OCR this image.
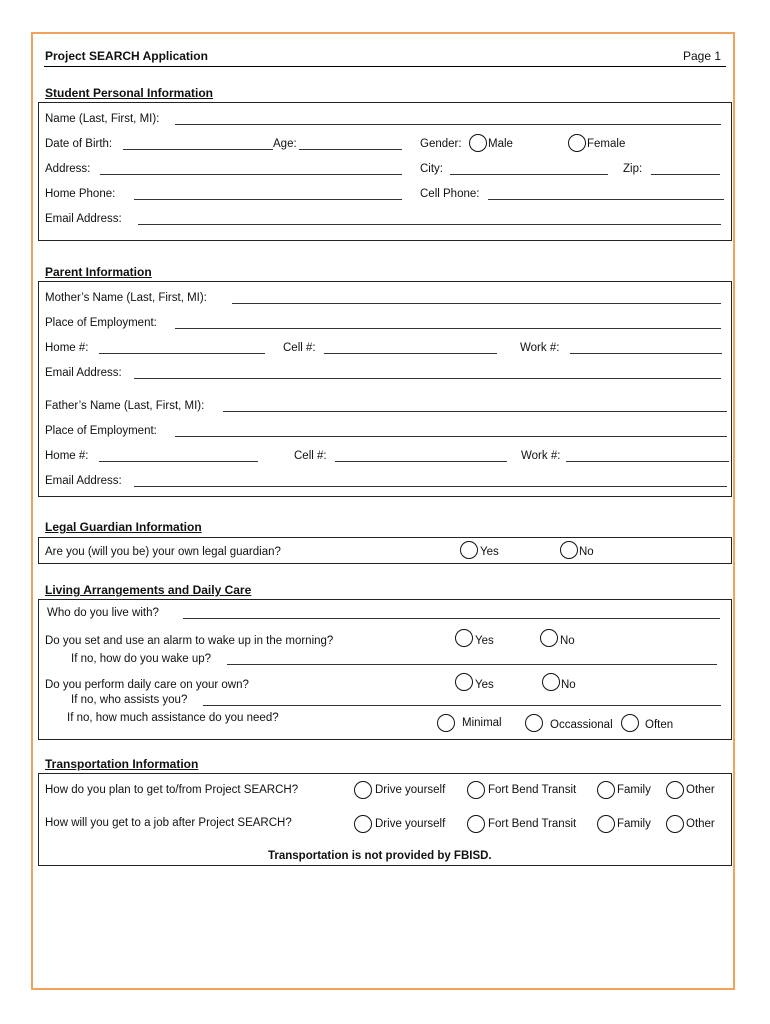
Project SEARCH Application	Page 1
Student Personal Information
Name (Last, First, MI):
Date of Birth:	Age:	Gender: Male	Female
Address:	City:	Zip:
Home Phone:	Cell Phone:
Email Address:
Parent Information
Mother’s Name (Last, First, MI):
Place of Employment:
Home #:	Cell #:	Work #:
Email Address:
Father’s Name (Last, First, MI):
Place of Employment:
Home #:	Cell #:	Work #:
Email Address:
Legal Guardian Information
Are you (will you be) your own legal guardian?	Yes	No
Living Arrangements and Daily Care
Who do you live with?
Do you set and use an alarm to wake up in the morning?	Yes	No
If no, how do you wake up?
Do you perform daily care on your own?	Yes	No
If no, who assists you?
If no, how much assistance do you need?	Minimal	Occassional	Often
Transportation Information
How do you plan to get to/from Project SEARCH?	Drive yourself	Fort Bend Transit	Family	Other
How will you get to a job after Project SEARCH?	Drive yourself	Fort Bend Transit	Family	Other
Transportation is not provided by FBISD.
